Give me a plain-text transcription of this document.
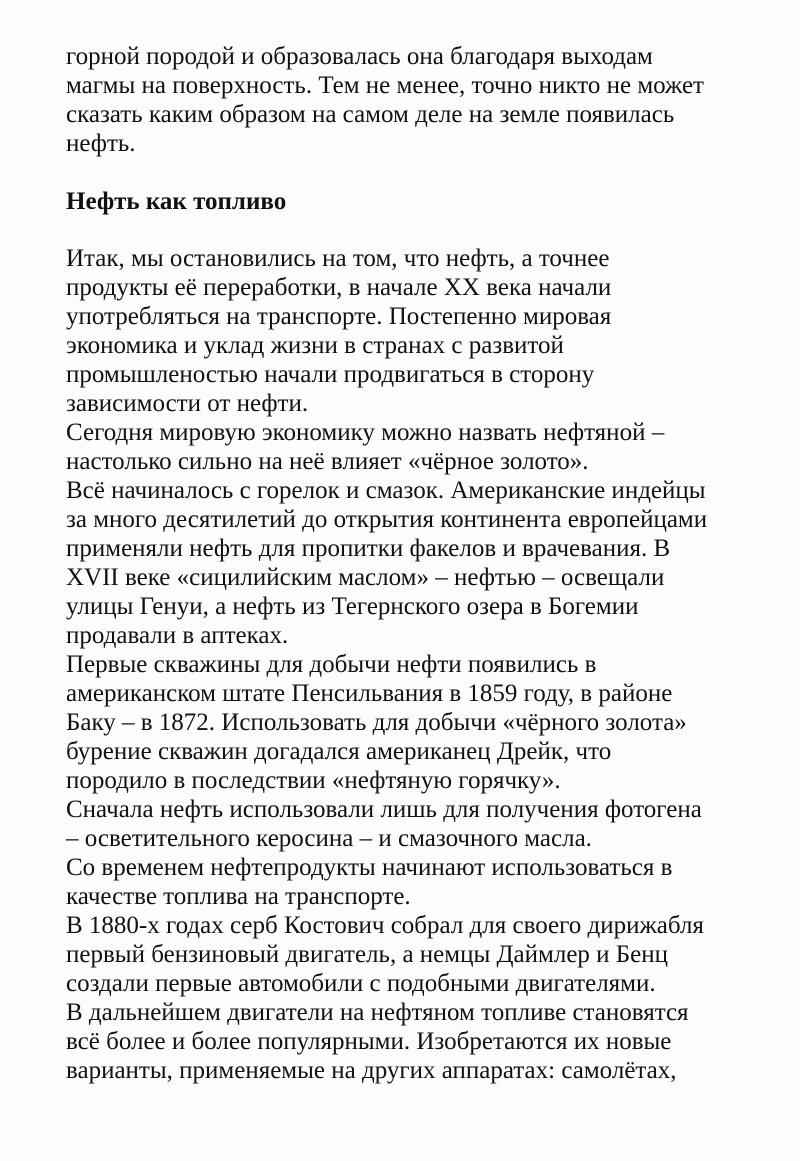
горной породой и образовалась она благодаря выходам
магмы на поверхность. Тем не менее, точно никто не может
сказать каким образом на самом деле на земле появилась
нефть.
Нефть как топливо
Итак, мы остановились на том, что нефть, а точнее
продукты её переработки, в начале XX века начали
употребляться на транспорте. Постепенно мировая
экономика и уклад жизни в странах с развитой
промышленостью начали продвигаться в сторону
зависимости от нефти.
Сегодня мировую экономику можно назвать нефтяной –
настолько сильно на неё влияет «чёрное золото».
Всё начиналось с горелок и смазок. Американские индейцы
за много десятилетий до открытия континента европейцами
применяли нефть для пропитки факелов и врачевания. В
XVII веке «сицилийским маслом» – нефтью – освещали
улицы Генуи, а нефть из Тегернского озера в Богемии
продавали в аптеках.
Первые скважины для добычи нефти появились в
американском штате Пенсильвания в 1859 году, в районе
Баку – в 1872. Использовать для добычи «чёрного золота»
бурение скважин догадался американец Дрейк, что
породило в последствии «нефтяную горячку».
Сначала нефть использовали лишь для получения фотогена
– осветительного керосина – и смазочного масла.
Со временем нефтепродукты начинают использоваться в
качестве топлива на транспорте.
В 1880-х годах серб Костович собрал для своего дирижабля
первый бензиновый двигатель, а немцы Даймлер и Бенц
создали первые автомобили с подобными двигателями.
В дальнейшем двигатели на нефтяном топливе становятся
всё более и более популярными. Изобретаются их новые
варианты, применяемые на других аппаратах: самолётах,
